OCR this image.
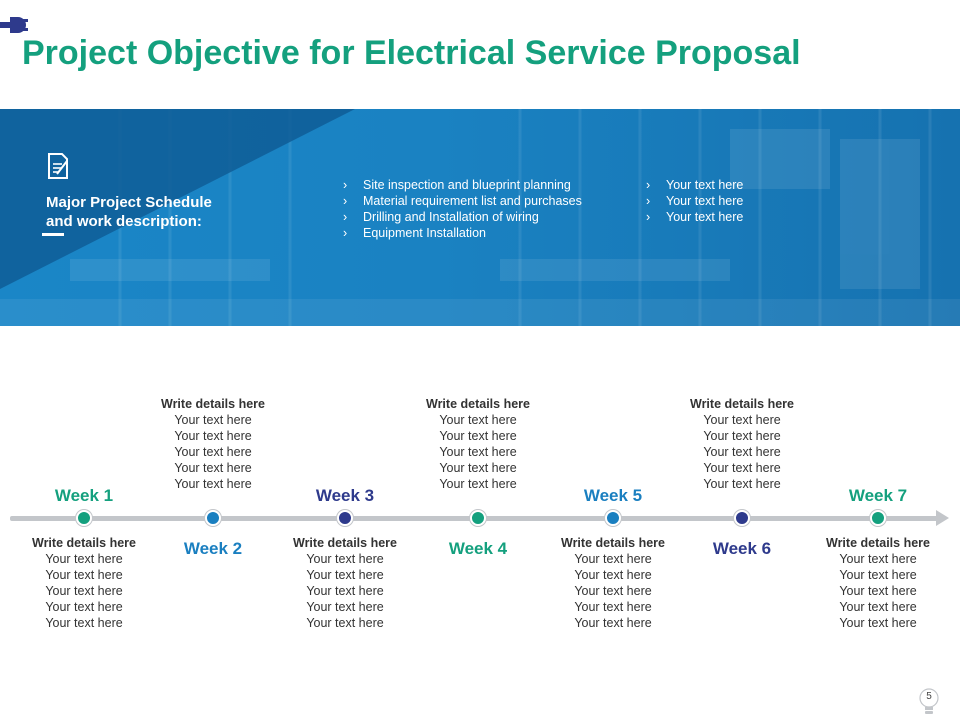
Project Objective for Electrical Service Proposal
Major Project Schedule
and work description:
› Site inspection and blueprint planning
› Material requirement list and purchases
› Drilling and Installation of wiring
› Equipment Installation
› Your text here
› Your text here
› Your text here
Week 1
Write details here
Your text here
Your text here
Your text here
Your text here
Your text here
Week 2
Write details here
Your text here
Your text here
Your text here
Your text here
Your text here
Week 3
Write details here
Your text here
Your text here
Your text here
Your text here
Your text here
Week 4
Write details here
Your text here
Your text here
Your text here
Your text here
Your text here
Week 5
Write details here
Your text here
Your text here
Your text here
Your text here
Your text here
Week 6
Write details here
Your text here
Your text here
Your text here
Your text here
Your text here
Week 7
Write details here
Your text here
Your text here
Your text here
Your text here
Your text here
5
